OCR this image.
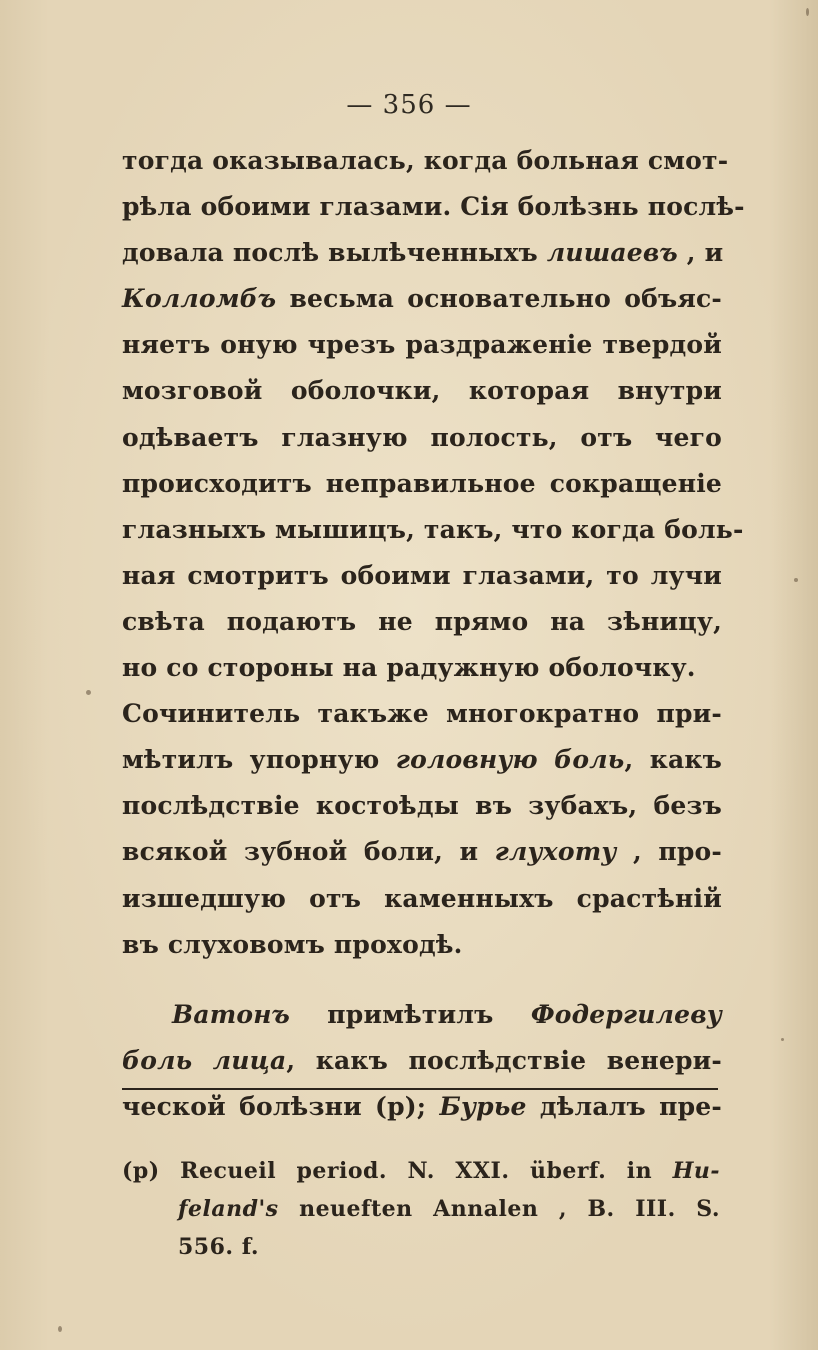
— 356 —
тогда оказывалась, когда больная смот-
рѣла обоими глазами. Сія болѣзнь послѣ-
довала послѣ вылѣченныхъ лишаевъ , и
Колломбъ весьма основательно объяс-
няетъ оную чрезъ раздраженіе твердой
мозговой оболочки, которая внутри
одѣваетъ глазную полость, отъ чего
происходитъ неправильное сокращеніе
глазныхъ мышицъ, такъ, что когда боль-
ная смотритъ обоими глазами, то лучи
свѣта подаютъ не прямо на зѣницу,
но со стороны на радужную оболочку.
Сочинитель такъже многократно при-
мѣтилъ упорную головную боль, какъ
послѣдствіе костоѣды въ зубахъ, безъ
всякой зубной боли, и глухоту , про-
изшедшую отъ каменныхъ срастѣній
въ слуховомъ проходѣ.
Ватонъ примѣтилъ Фодергилеву
боль лица, какъ послѣдствіе венери-
ческой болѣзни (р); Бурье дѣлалъ пре-
(р) Recueil period. N. XXI. überf. in Hu-
feland's neueften Annalen , B. III. S.
556. f.
